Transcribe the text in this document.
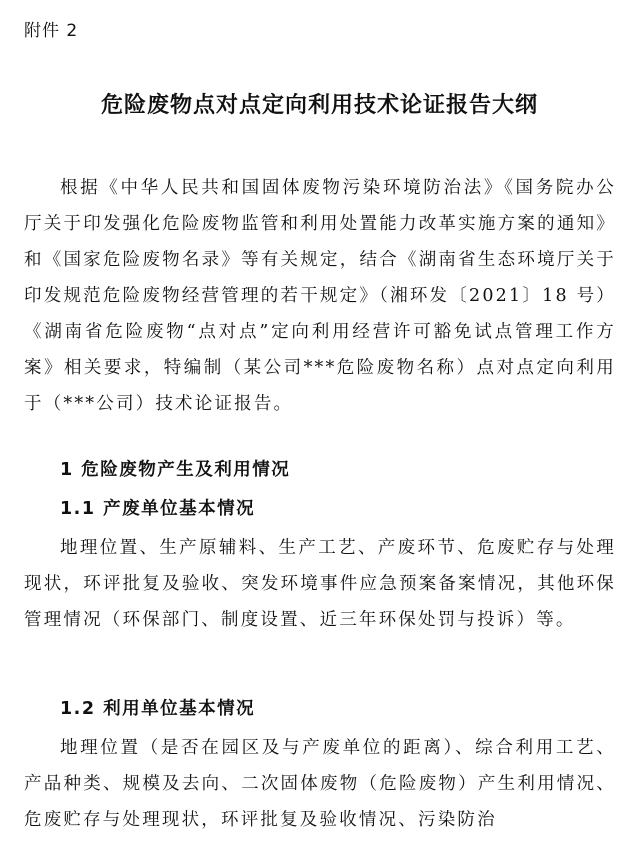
附件 2
危险废物点对点定向利用技术论证报告大纲

根据《中华人民共和国固体废物污染环境防治法》《国务院办公厅关于印发强化危险废物监管和利用处置能力改革实施方案的通知》和《国家危险废物名录》等有关规定，结合《湖南省生态环境厅关于印发规范危险废物经营管理的若干规定》（湘环发〔2021〕18 号）《湖南省危险废物“点对点”定向利用经营许可豁免试点管理工作方案》相关要求，特编制（某公司***危险废物名称）点对点定向利用于（***公司）技术论证报告。

1 危险废物产生及利用情况
1.1 产废单位基本情况

地理位置、生产原辅料、生产工艺、产废环节、危废贮存与处理现状，环评批复及验收、突发环境事件应急预案备案情况，其他环保管理情况（环保部门、制度设置、近三年环保处罚与投诉）等。

1.2 利用单位基本情况

地理位置（是否在园区及与产废单位的距离）、综合利用工艺、产品种类、规模及去向、二次固体废物（危险废物）产生利用情况、危废贮存与处理现状，环评批复及验收情况、污染防治
